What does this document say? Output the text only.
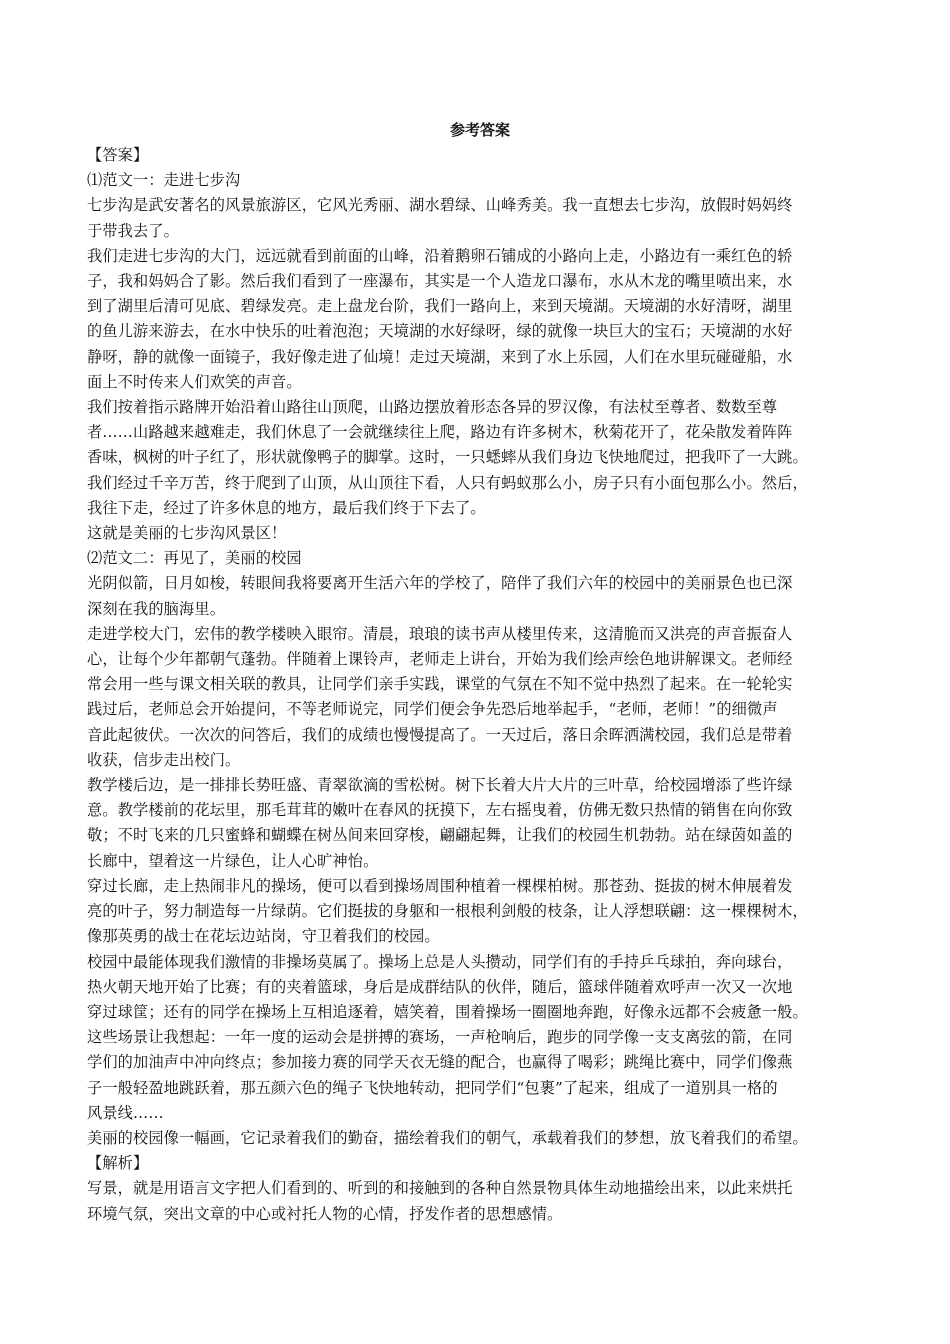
参考答案

【答案】

⑴范文一：走进七步沟

七步沟是武安著名的风景旅游区，它风光秀丽、湖水碧绿、山峰秀美。我一直想去七步沟，放假时妈妈终

于带我去了。

我们走进七步沟的大门，远远就看到前面的山峰，沿着鹅卵石铺成的小路向上走，小路边有一乘红色的轿

子，我和妈妈合了影。然后我们看到了一座瀑布，其实是一个人造龙口瀑布，水从木龙的嘴里喷出来，水

到了湖里后清可见底、碧绿发亮。走上盘龙台阶，我们一路向上，来到天境湖。天境湖的水好清呀，湖里

的鱼儿游来游去，在水中快乐的吐着泡泡；天境湖的水好绿呀，绿的就像一块巨大的宝石；天境湖的水好

静呀，静的就像一面镜子，我好像走进了仙境！走过天境湖，来到了水上乐园，人们在水里玩碰碰船，水

面上不时传来人们欢笑的声音。

我们按着指示路牌开始沿着山路往山顶爬，山路边摆放着形态各异的罗汉像，有法杖至尊者、数数至尊

者……山路越来越难走，我们休息了一会就继续往上爬，路边有许多树木，秋菊花开了，花朵散发着阵阵

香味，枫树的叶子红了，形状就像鸭子的脚掌。这时，一只蟋蟀从我们身边飞快地爬过，把我吓了一大跳。

我们经过千辛万苦，终于爬到了山顶，从山顶往下看，人只有蚂蚁那么小，房子只有小面包那么小。然后，

我往下走，经过了许多休息的地方，最后我们终于下去了。

这就是美丽的七步沟风景区！

⑵范文二：再见了，美丽的校园

光阴似箭，日月如梭，转眼间我将要离开生活六年的学校了，陪伴了我们六年的校园中的美丽景色也已深

深刻在我的脑海里。

走进学校大门，宏伟的教学楼映入眼帘。清晨，琅琅的读书声从楼里传来，这清脆而又洪亮的声音振奋人

心，让每个少年都朝气蓬勃。伴随着上课铃声，老师走上讲台，开始为我们绘声绘色地讲解课文。老师经

常会用一些与课文相关联的教具，让同学们亲手实践，课堂的气氛在不知不觉中热烈了起来。在一轮轮实

践过后，老师总会开始提问，不等老师说完，同学们便会争先恐后地举起手，“老师，老师！”的细微声

音此起彼伏。一次次的问答后，我们的成绩也慢慢提高了。一天过后，落日余晖洒满校园，我们总是带着

收获，信步走出校门。

教学楼后边，是一排排长势旺盛、青翠欲滴的雪松树。树下长着大片大片的三叶草，给校园增添了些许绿

意。教学楼前的花坛里，那毛茸茸的嫩叶在春风的抚摸下，左右摇曳着，仿佛无数只热情的销售在向你致

敬；不时飞来的几只蜜蜂和蝴蝶在树丛间来回穿梭，翩翩起舞，让我们的校园生机勃勃。站在绿茵如盖的

长廊中，望着这一片绿色，让人心旷神怡。

穿过长廊，走上热闹非凡的操场，便可以看到操场周围种植着一棵棵柏树。那苍劲、挺拔的树木伸展着发

亮的叶子，努力制造每一片绿荫。它们挺拔的身躯和一根根利剑般的枝条，让人浮想联翩：这一棵棵树木，

像那英勇的战士在花坛边站岗，守卫着我们的校园。

校园中最能体现我们激情的非操场莫属了。操场上总是人头攒动，同学们有的手持乒乓球拍，奔向球台，

热火朝天地开始了比赛；有的夹着篮球，身后是成群结队的伙伴，随后，篮球伴随着欢呼声一次又一次地

穿过球筐；还有的同学在操场上互相追逐着，嬉笑着，围着操场一圈圈地奔跑，好像永远都不会疲惫一般。

这些场景让我想起：一年一度的运动会是拼搏的赛场，一声枪响后，跑步的同学像一支支离弦的箭，在同

学们的加油声中冲向终点；参加接力赛的同学天衣无缝的配合，也赢得了喝彩；跳绳比赛中，同学们像燕

子一般轻盈地跳跃着，那五颜六色的绳子飞快地转动，把同学们“包裹”了起来，组成了一道别具一格的

风景线……

美丽的校园像一幅画，它记录着我们的勤奋，描绘着我们的朝气，承载着我们的梦想，放飞着我们的希望。

【解析】

写景，就是用语言文字把人们看到的、听到的和接触到的各种自然景物具体生动地描绘出来，以此来烘托

环境气氛，突出文章的中心或衬托人物的心情，抒发作者的思想感情。
